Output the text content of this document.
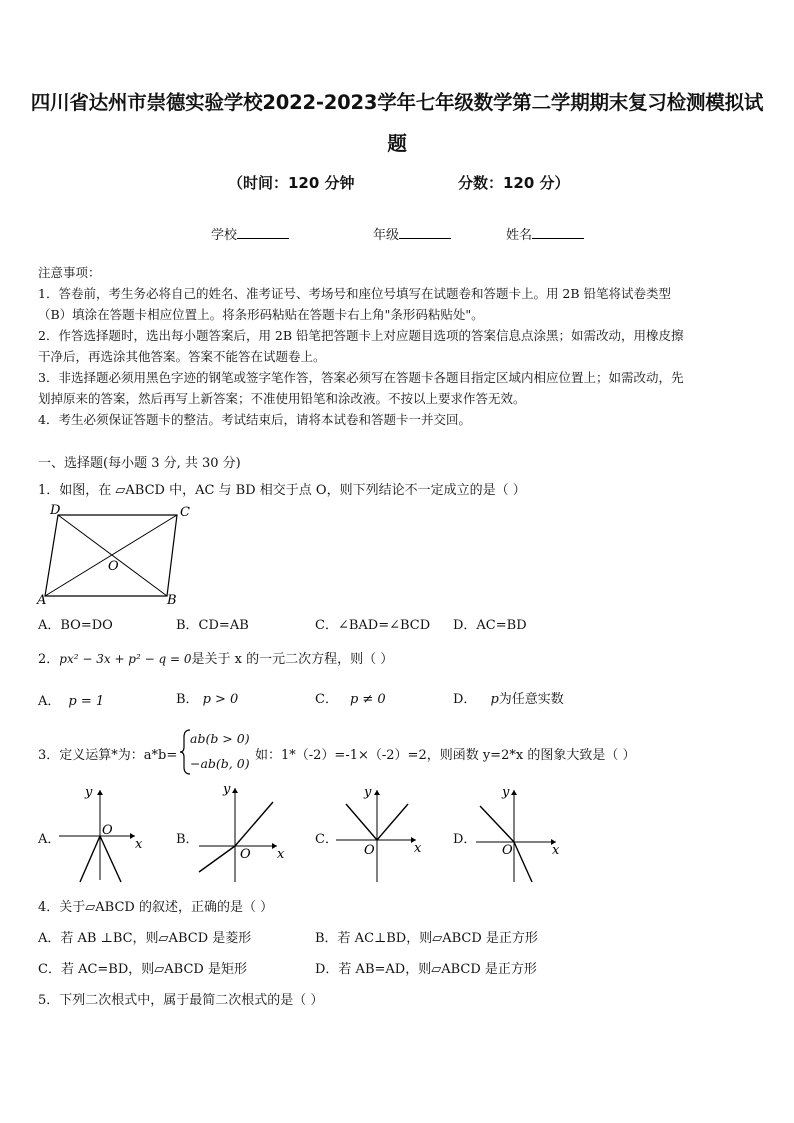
四川省达州市崇德实验学校2022-2023学年七年级数学第二学期期末复习检测模拟试
题
（时间：120 分钟	分数：120 分）
学校	年级	姓名

注意事项：

1．答卷前，考生务必将自己的姓名、准考证号、考场号和座位号填写在试题卷和答题卡上。用 2B 铅笔将试卷类型

（B）填涂在答题卡相应位置上。将条形码粘贴在答题卡右上角"条形码粘贴处"。

2．作答选择题时，选出每小题答案后，用 2B 铅笔把答题卡上对应题目选项的答案信息点涂黑；如需改动，用橡皮擦

干净后，再选涂其他答案。答案不能答在试题卷上。

3．非选择题必须用黑色字迹的钢笔或签字笔作答，答案必须写在答题卡各题目指定区域内相应位置上；如需改动，先

划掉原来的答案，然后再写上新答案；不准使用铅笔和涂改液。不按以上要求作答无效。

4．考生必须保证答题卡的整洁。考试结束后，请将本试卷和答题卡一并交回。

一、选择题(每小题 3 分, 共 30 分)
1．如图，在 ▱ABCD 中，AC 与 BD 相交于点 O，则下列结论不一定成立的是（ ）
D	C
O
A	B
A．BO=DO	B．CD=AB	C．∠BAD=∠BCD D．AC=BD
2．px² − 3x + p² − q = 0是关于 x 的一元二次方程，则（ ）
A． p = 1	B． p > 0	C． p ≠ 0	D． p为任意实数
3．定义运算*为：a*b=
ab(b > 0)
−ab(b, 0)
如：1*（-2）=-1×（-2）=2，则函数 y=2*x 的图象大致是（ ）
A．
y
x
O
B．
y
x
O
C．
y
x
O
D．
y
x
O
4．关于▱ABCD 的叙述，正确的是（ ）
A．若 AB ⊥BC，则▱ABCD 是菱形	B．若 AC⊥BD，则▱ABCD 是正方形
C．若 AC=BD，则▱ABCD 是矩形	D．若 AB=AD，则▱ABCD 是正方形
5．下列二次根式中，属于最简二次根式的是（ ）
